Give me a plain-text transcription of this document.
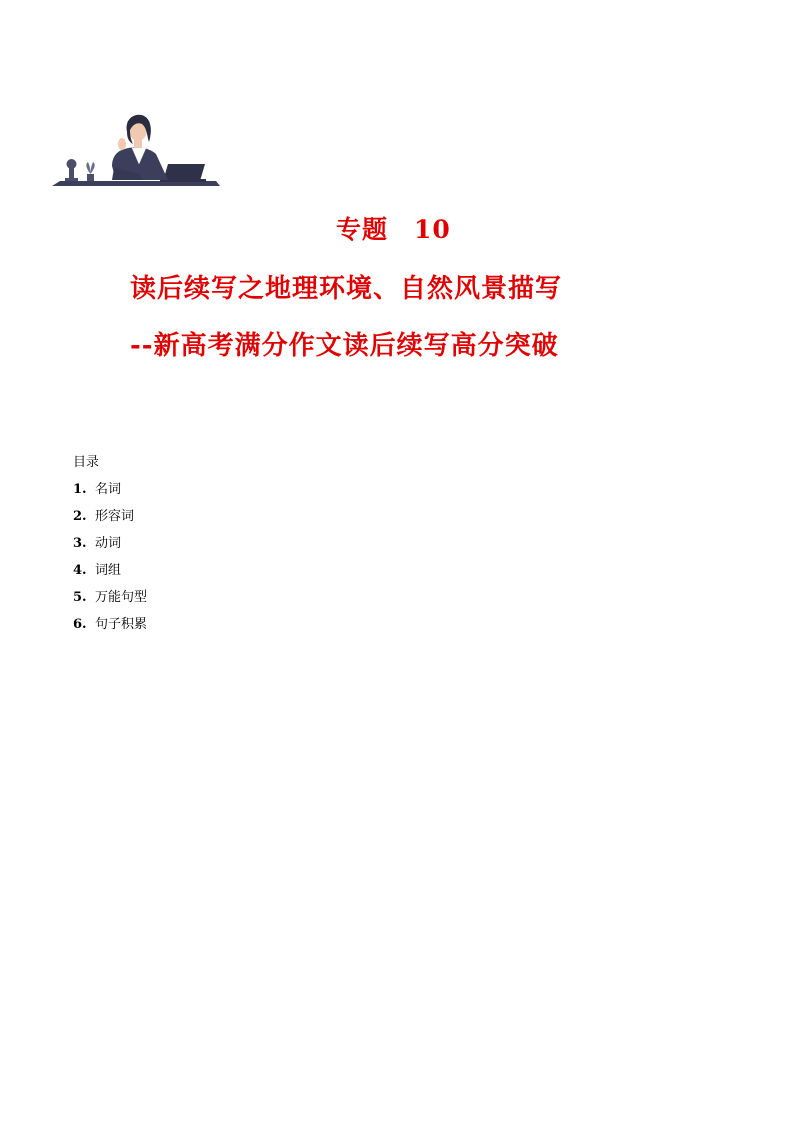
专题 10
读后续写之地理环境、自然风景描写
--新高考满分作文读后续写高分突破
目录
1. 名词
2. 形容词
3. 动词
4. 词组
5. 万能句型
6. 句子积累
